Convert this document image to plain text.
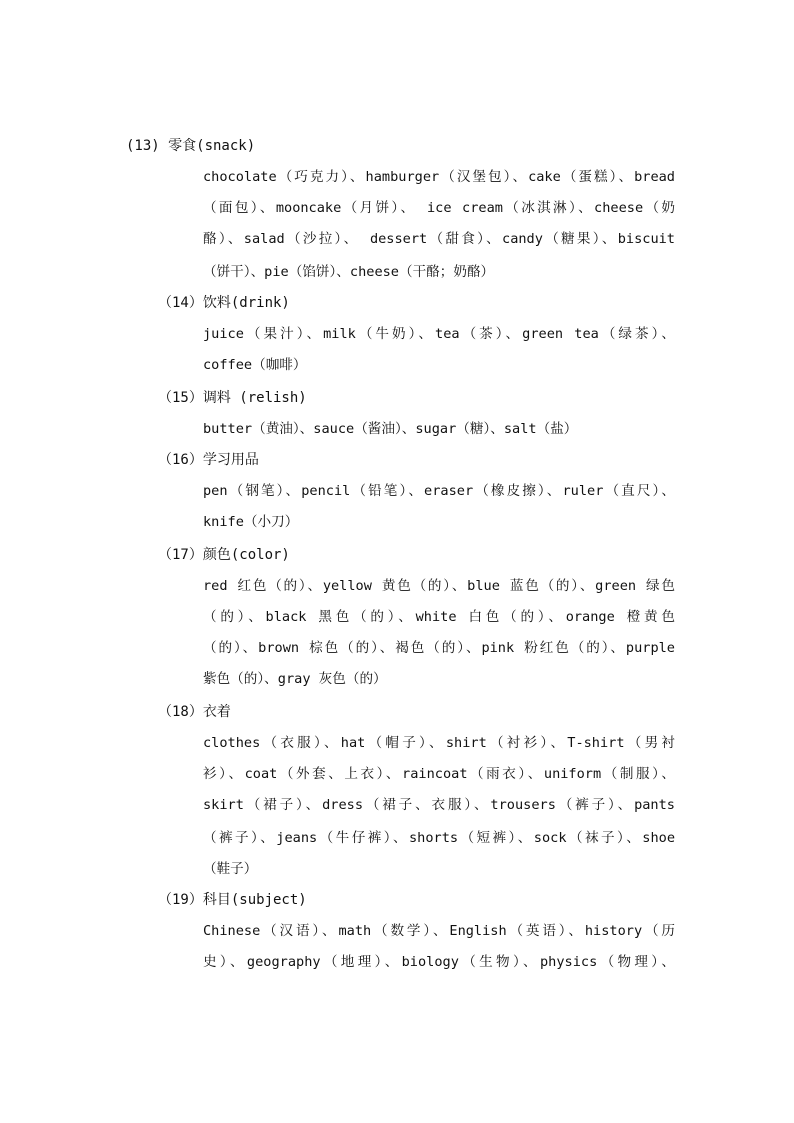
(13) 零食(snack)
chocolate（巧克力）、hamburger（汉堡包）、cake（蛋糕）、bread
（面包）、mooncake（月饼）、 ice cream（冰淇淋）、cheese（奶
酪）、salad（沙拉）、 dessert（甜食）、candy（糖果）、biscuit
（饼干）、pie（馅饼）、cheese（干酪；奶酪）
（14）饮料(drink)
juice（果汁）、milk（牛奶）、tea（茶）、green tea（绿茶）、
coffee（咖啡）
（15）调料 (relish)
butter（黄油）、sauce（酱油）、sugar（糖）、salt（盐）
（16）学习用品
pen（钢笔）、pencil（铅笔）、eraser（橡皮擦）、ruler（直尺）、
knife（小刀）
（17）颜色(color)
red 红色（的）、yellow 黄色（的）、blue 蓝色（的）、green 绿色
（的）、black 黑色（的）、white 白色（的）、orange 橙黄色
（的）、brown 棕色（的）、褐色（的）、pink 粉红色（的）、purple
紫色（的）、gray 灰色（的）
（18）衣着
clothes（衣服）、hat（帽子）、shirt（衬衫）、T-shirt（男衬
衫）、coat（外套、上衣）、raincoat（雨衣）、uniform（制服）、
skirt（裙子）、dress（裙子、衣服）、trousers（裤子）、pants
（裤子）、jeans（牛仔裤）、shorts（短裤）、sock（袜子）、shoe
（鞋子）
（19）科目(subject)
Chinese（汉语）、math（数学）、English（英语）、history（历
史）、geography（地理）、biology（生物）、physics（物理）、
